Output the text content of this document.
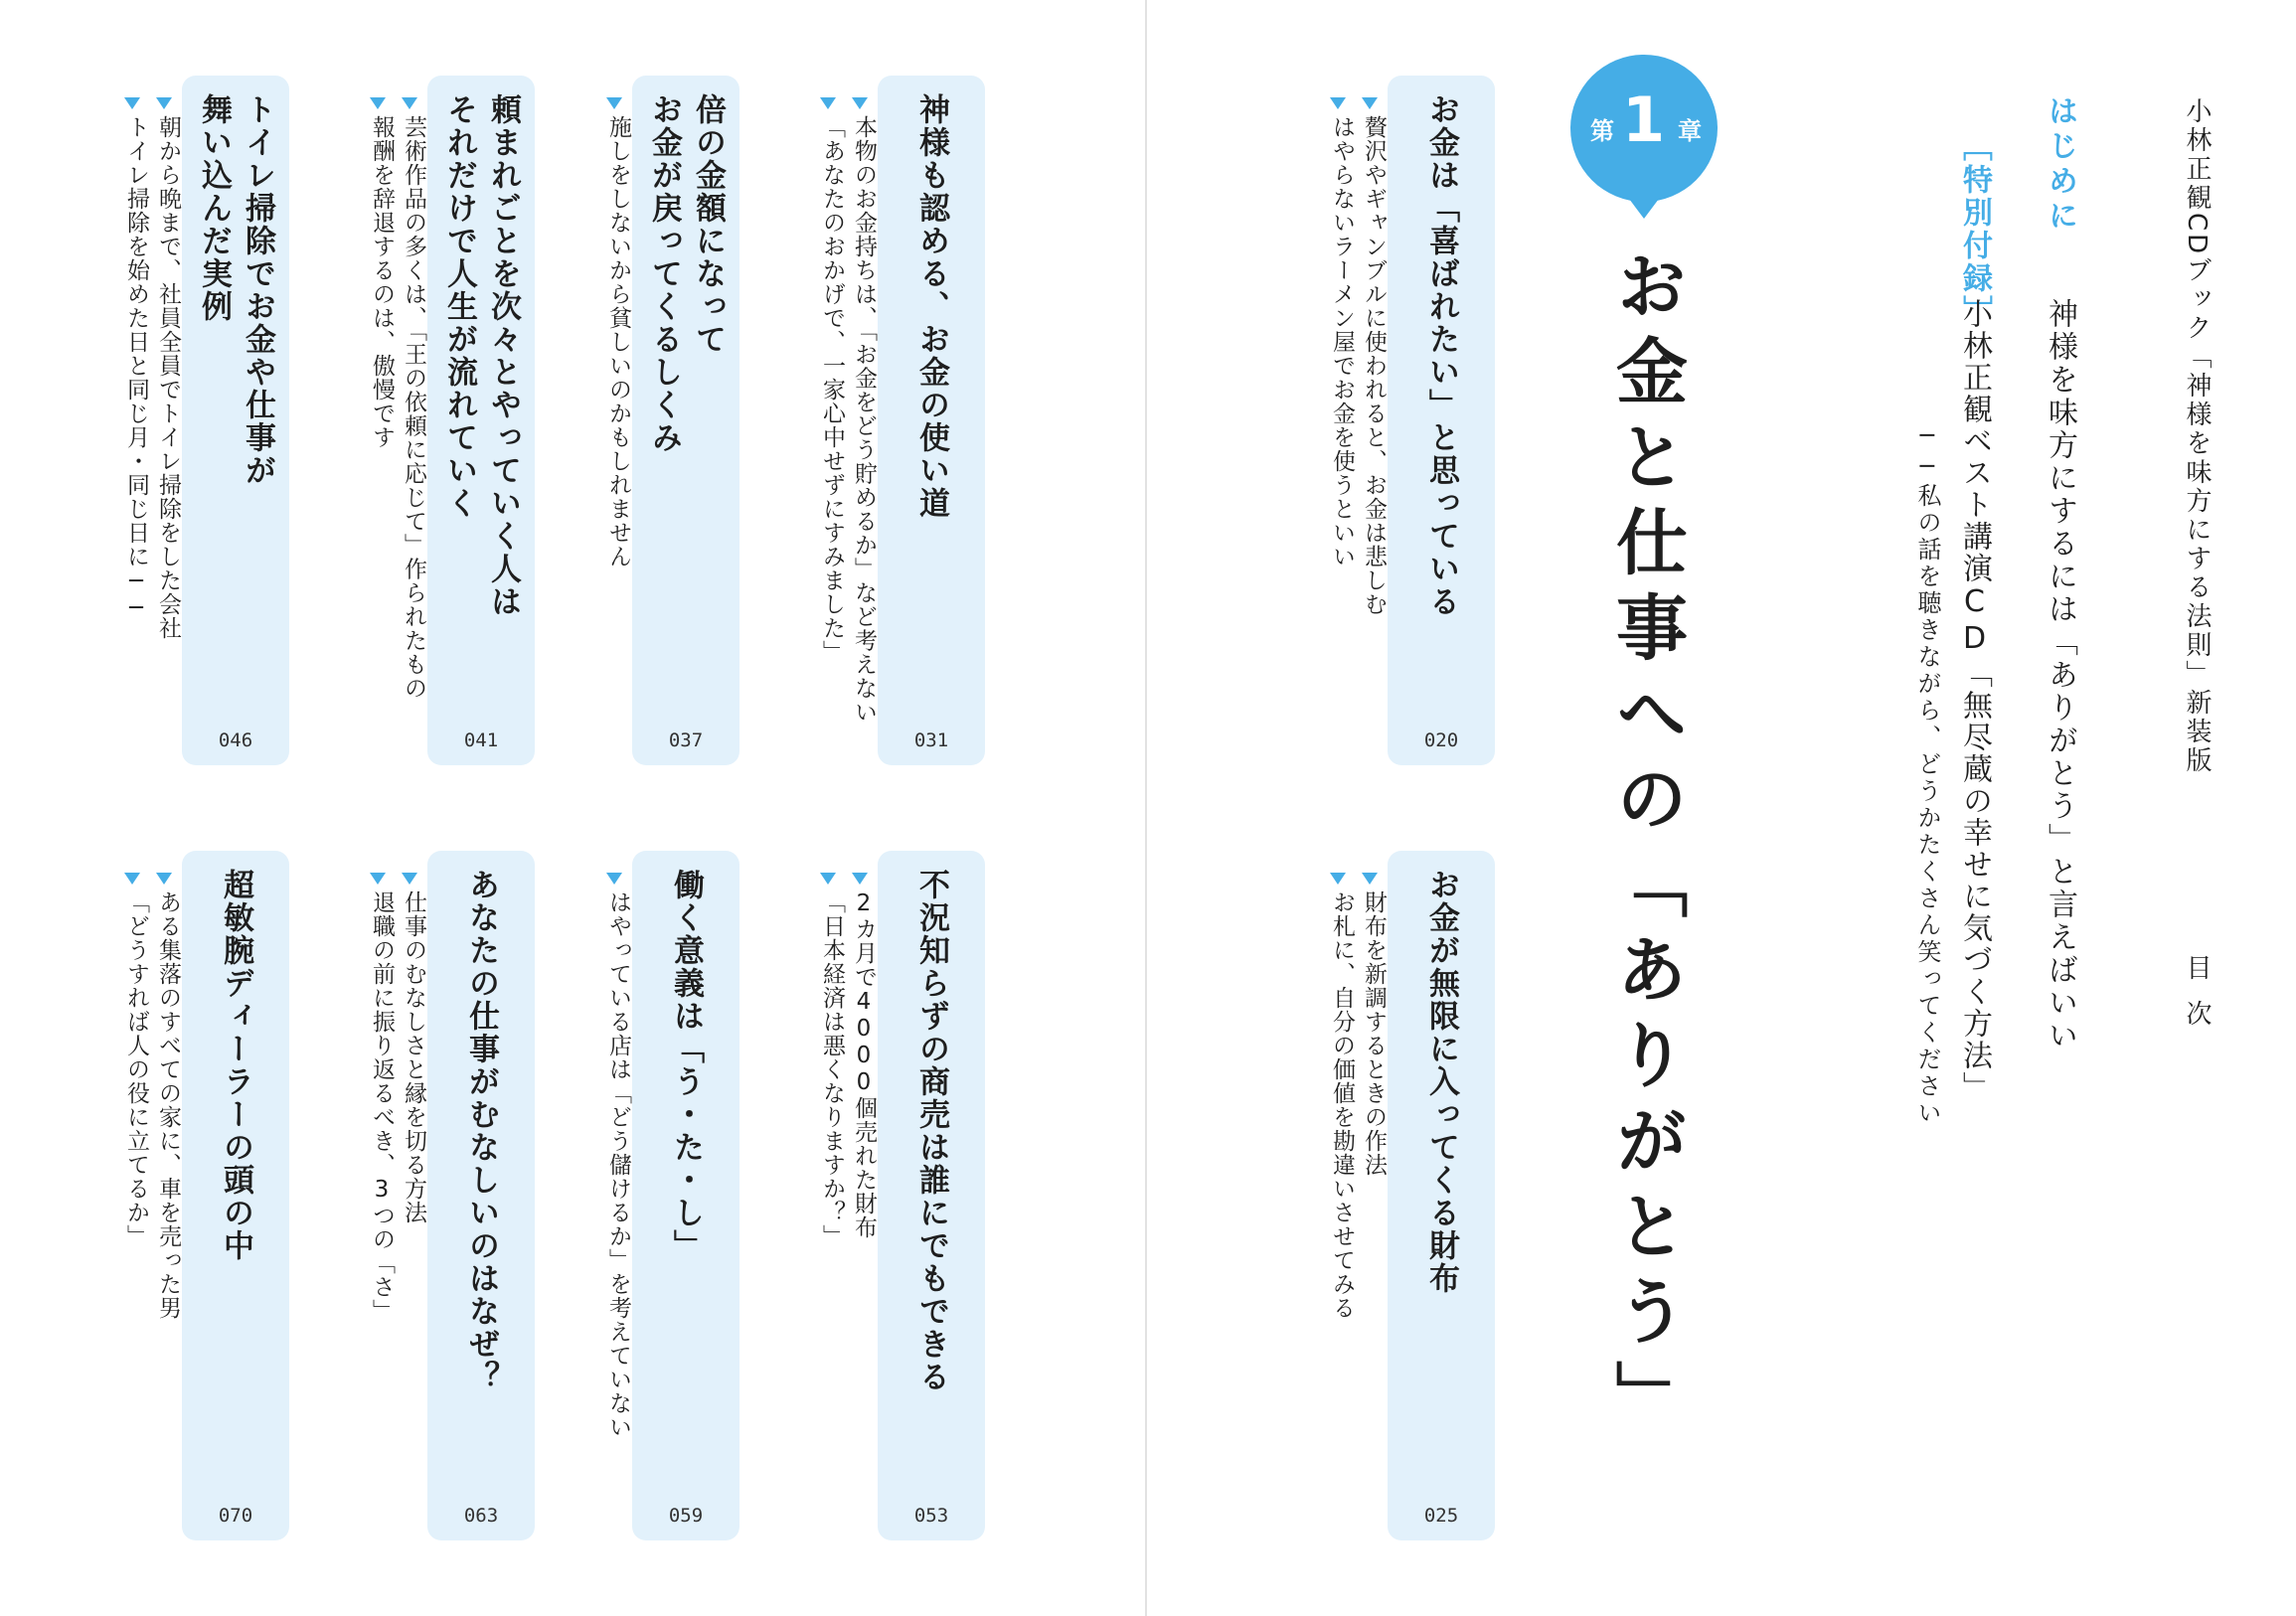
小林正観CDブック「神様を味方にする法則」新装版
目次
はじめに
神様を味方にするには「ありがとう」と言えばいい
［特別付録］
小林正観ベスト講演CD「無尽蔵の幸せに気づく方法」
──私の話を聴きながら、どうかたくさん笑ってください
第 1 章
お金と仕事への「ありがとう」
お金は「喜ばれたい」と思っている
020
贅沢やギャンブルに使われると、お金は悲しむ
はやらないラーメン屋でお金を使うといい
お金が無限に入ってくる財布
025
財布を新調するときの作法
お札に、自分の価値を勘違いさせてみる
神様も認める、お金の使い道
031
本物のお金持ちは、「お金をどう貯めるか」など考えない
「あなたのおかげで、一家心中せずにすみました」
不況知らずの商売は誰にでもできる
053
2カ月で4000個売れた財布
「日本経済は悪くなりますか？」
倍の金額になって
お金が戻ってくるしくみ
037
施しをしないから貧しいのかもしれません
働く意義は「う・た・し」
059
はやっている店は「どう儲けるか」を考えていない
頼まれごとを次々とやっていく人は
それだけで人生が流れていく
041
芸術作品の多くは、「王の依頼に応じて」作られたもの
報酬を辞退するのは、傲慢です
あなたの仕事がむなしいのはなぜ？
063
仕事のむなしさと縁を切る方法
退職の前に振り返るべき、3つの「さ」
トイレ掃除でお金や仕事が
舞い込んだ実例
046
朝から晩まで、社員全員でトイレ掃除をした会社
トイレ掃除を始めた日と同じ月・同じ日に──
超敏腕ディーラーの頭の中
070
ある集落のすべての家に、車を売った男
「どうすれば人の役に立てるか」
